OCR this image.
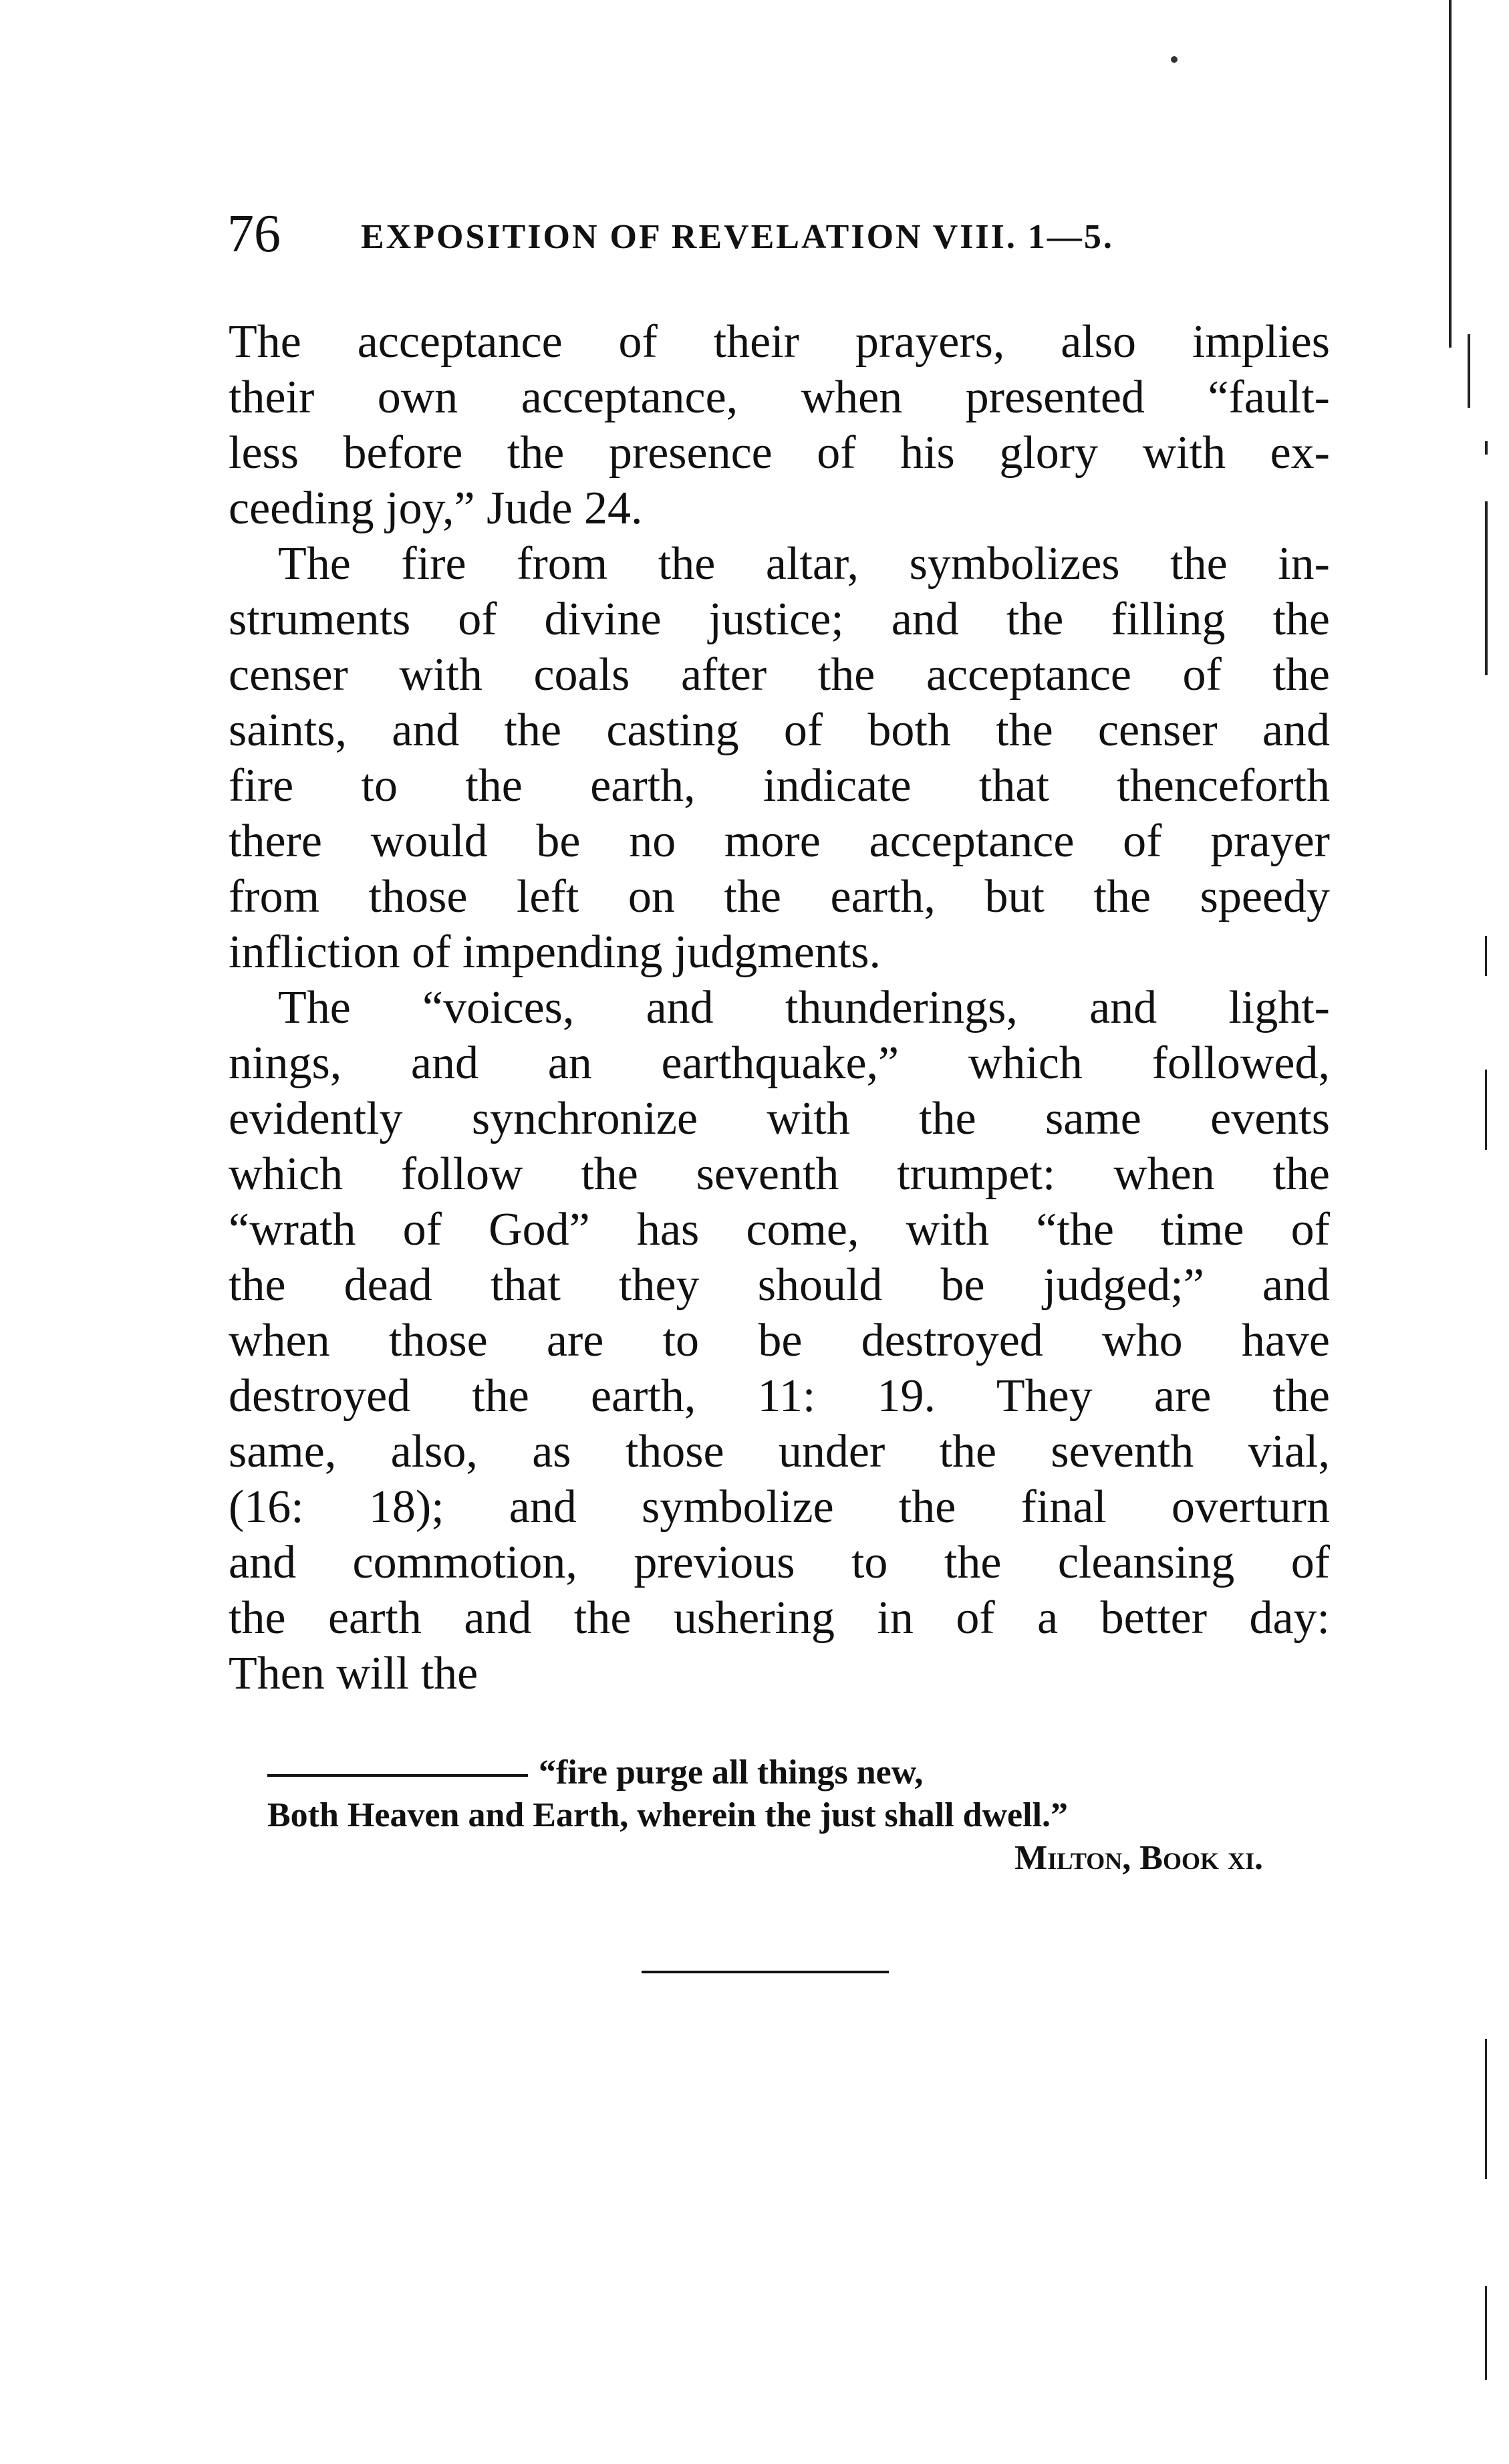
76 EXPOSITION OF REVELATION VIII. 1—5.
The acceptance of their prayers, also implies
their own acceptance, when presented “fault-
less before the presence of his glory with ex-
ceeding joy,” Jude 24.
The fire from the altar, symbolizes the in-
struments of divine justice; and the filling the
censer with coals after the acceptance of the
saints, and the casting of both the censer and
fire to the earth, indicate that thenceforth
there would be no more acceptance of prayer
from those left on the earth, but the speedy
infliction of impending judgments.
The “voices, and thunderings, and light-
nings, and an earthquake,” which followed,
evidently synchronize with the same events
which follow the seventh trumpet: when the
“wrath of God” has come, with “the time of
the dead that they should be judged;” and
when those are to be destroyed who have
destroyed the earth, 11: 19. They are the
same, also, as those under the seventh vial,
(16: 18); and symbolize the final overturn
and commotion, previous to the cleansing of
the earth and the ushering in of a better day:
Then will the
“fire purge all things new,
Both Heaven and Earth, wherein the just shall dwell.”
Milton, Book xi.
